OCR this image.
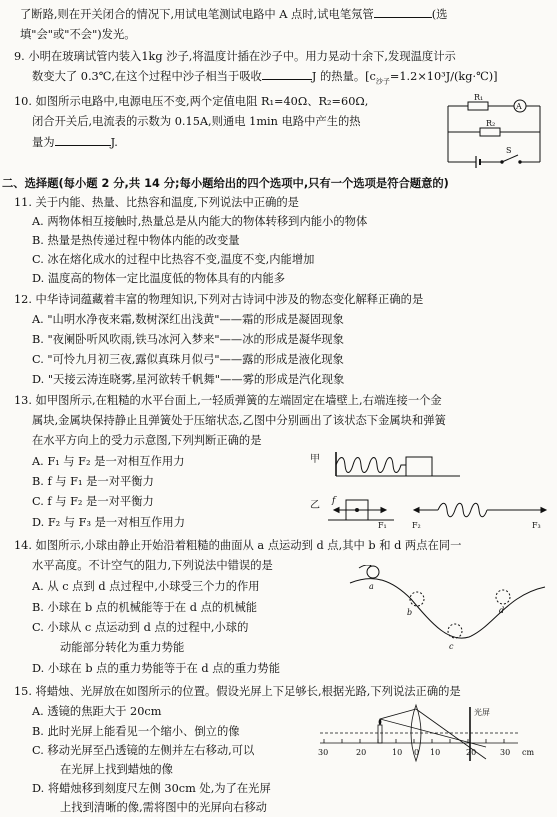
了断路,则在开关闭合的情况下,用试电笔测试电路中 A 点时,试电笔氖管	(选
填"会"或"不会")发光。
9. 小明在玻璃试管内装入1kg 沙子,将温度计插在沙子中。用力晃动十余下,发现温度计示
数变大了 0.3℃,在这个过程中沙子相当于吸收	J 的热量。$[c_{沙子}=1.2\times 10^3J/(kg\cdot℃)]$
10. 如图所示电路中,电源电压不变,两个定值电阻 R₁=40Ω、R₂=60Ω,
闭合开关后,电流表的示数为 0.15A,则通电 1min 电路中产生的热
量为	J.
R₁
A
R₂
S
二、选择题(每小题 2 分,共 14 分;每小题给出的四个选项中,只有一个选项是符合题意的)
11. 关于内能、热量、比热容和温度,下列说法中正确的是
A. 两物体相互接触时,热量总是从内能大的物体转移到内能小的物体
B. 热量是热传递过程中物体内能的改变量
C. 冰在熔化成水的过程中比热容不变,温度不变,内能增加
D. 温度高的物体一定比温度低的物体具有的内能多
12. 中华诗词蕴藏着丰富的物理知识,下列对古诗词中涉及的物态变化解释正确的是
A. "山明水净夜来霜,数树深红出浅黄"——霜的形成是凝固现象
B. "夜阑卧听风吹雨,铁马冰河入梦来"——冰的形成是凝华现象
C. "可怜九月初三夜,露似真珠月似弓"——露的形成是液化现象
D. "天接云涛连晓雾,星河欲转千帆舞"——雾的形成是汽化现象
13. 如甲图所示,在粗糙的水平台面上,一轻质弹簧的左端固定在墙壁上,右端连接一个金
属块,金属块保持静止且弹簧处于压缩状态,乙图中分别画出了该状态下金属块和弹簧
在水平方向上的受力示意图,下列判断正确的是
A. F₁ 与 F₂ 是一对相互作用力
B. f 与 F₁ 是一对平衡力
C. f 与 F₂ 是一对平衡力
D. F₂ 与 F₃ 是一对相互作用力
甲
乙 f
F₁	F₂	F₃
14. 如图所示,小球由静止开始沿着粗糙的曲面从 a 点运动到 d 点,其中 b 和 d 两点在同一
水平高度。不计空气的阻力,下列说法中错误的是
A. 从 c 点到 d 点过程中,小球受三个力的作用
B. 小球在 b 点的机械能等于在 d 点的机械能
C. 小球从 c 点运动到 d 点的过程中,小球的
动能部分转化为重力势能
D. 小球在 b 点的重力势能等于在 d 点的重力势能
a
b
c
d
15. 将蜡烛、光屏放在如图所示的位置。假设光屏上下足够长,根据光路,下列说法正确的是
A. 透镜的焦距大于 20cm
B. 此时光屏上能看见一个缩小、倒立的像
C. 移动光屏至凸透镜的左侧并左右移动,可以
在光屏上找到蜡烛的像
D. 将蜡烛移到刻度尺左侧 30cm 处,为了在光屏
上找到清晰的像,需将图中的光屏向右移动
光屏
30	20	10 0 10	20	30 cm
